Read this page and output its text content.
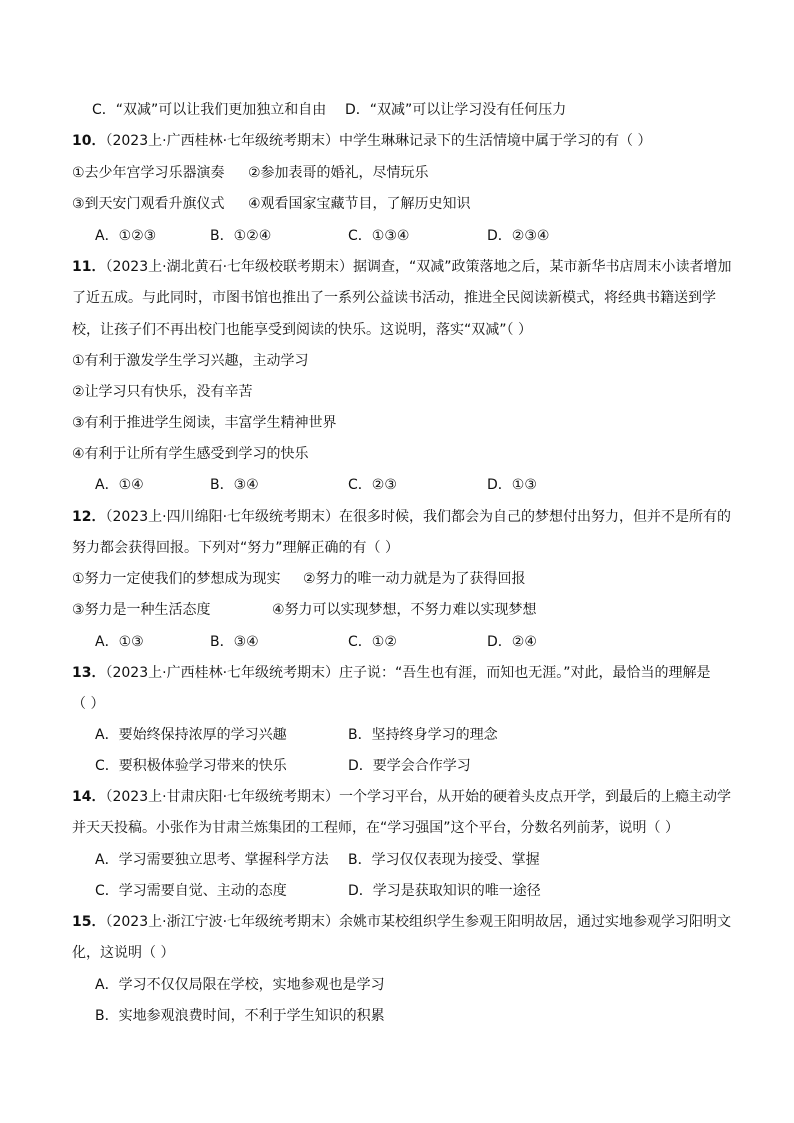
C．“双减”可以让我们更加独立和自由 D．“双减”可以让学习没有任何压力
10．（2023上·广西桂林·七年级统考期末）中学生琳琳记录下的生活情境中属于学习的有（ ）
①去少年宫学习乐器演奏 ②参加表哥的婚礼，尽情玩乐
③到天安门观看升旗仪式 ④观看国家宝藏节目，了解历史知识
A．①②③	B．①②④	C．①③④	D．②③④
11．（2023上·湖北黄石·七年级校联考期末）据调查，“双减”政策落地之后，某市新华书店周末小读者增加
了近五成。与此同时，市图书馆也推出了一系列公益读书活动，推进全民阅读新模式，将经典书籍送到学
校，让孩子们不再出校门也能享受到阅读的快乐。这说明，落实“双减”（ ）
①有利于激发学生学习兴趣，主动学习
②让学习只有快乐，没有辛苦
③有利于推进学生阅读，丰富学生精神世界
④有利于让所有学生感受到学习的快乐
A．①④	B．③④	C．②③	D．①③
12．（2023上·四川绵阳·七年级统考期末）在很多时候，我们都会为自己的梦想付出努力，但并不是所有的
努力都会获得回报。下列对“努力”理解正确的有（ ）
①努力一定使我们的梦想成为现实 ②努力的唯一动力就是为了获得回报
③努力是一种生活态度	④努力可以实现梦想，不努力难以实现梦想
A．①③	B．③④	C．①②	D．②④
13．（2023上·广西桂林·七年级统考期末）庄子说：“吾生也有涯，而知也无涯。”对此，最恰当的理解是
（ ）
A．要始终保持浓厚的学习兴趣	B．坚持终身学习的理念
C．要积极体验学习带来的快乐	D．要学会合作学习
14．（2023上·甘肃庆阳·七年级统考期末）一个学习平台，从开始的硬着头皮点开学，到最后的上瘾主动学
并天天投稿。小张作为甘肃兰炼集团的工程师，在“学习强国”这个平台，分数名列前茅，说明（ ）
A．学习需要独立思考、掌握科学方法 B．学习仅仅表现为接受、掌握
C．学习需要自觉、主动的态度	D．学习是获取知识的唯一途径
15．（2023上·浙江宁波·七年级统考期末）余姚市某校组织学生参观王阳明故居，通过实地参观学习阳明文
化，这说明（ ）
A．学习不仅仅局限在学校，实地参观也是学习
B．实地参观浪费时间，不利于学生知识的积累
